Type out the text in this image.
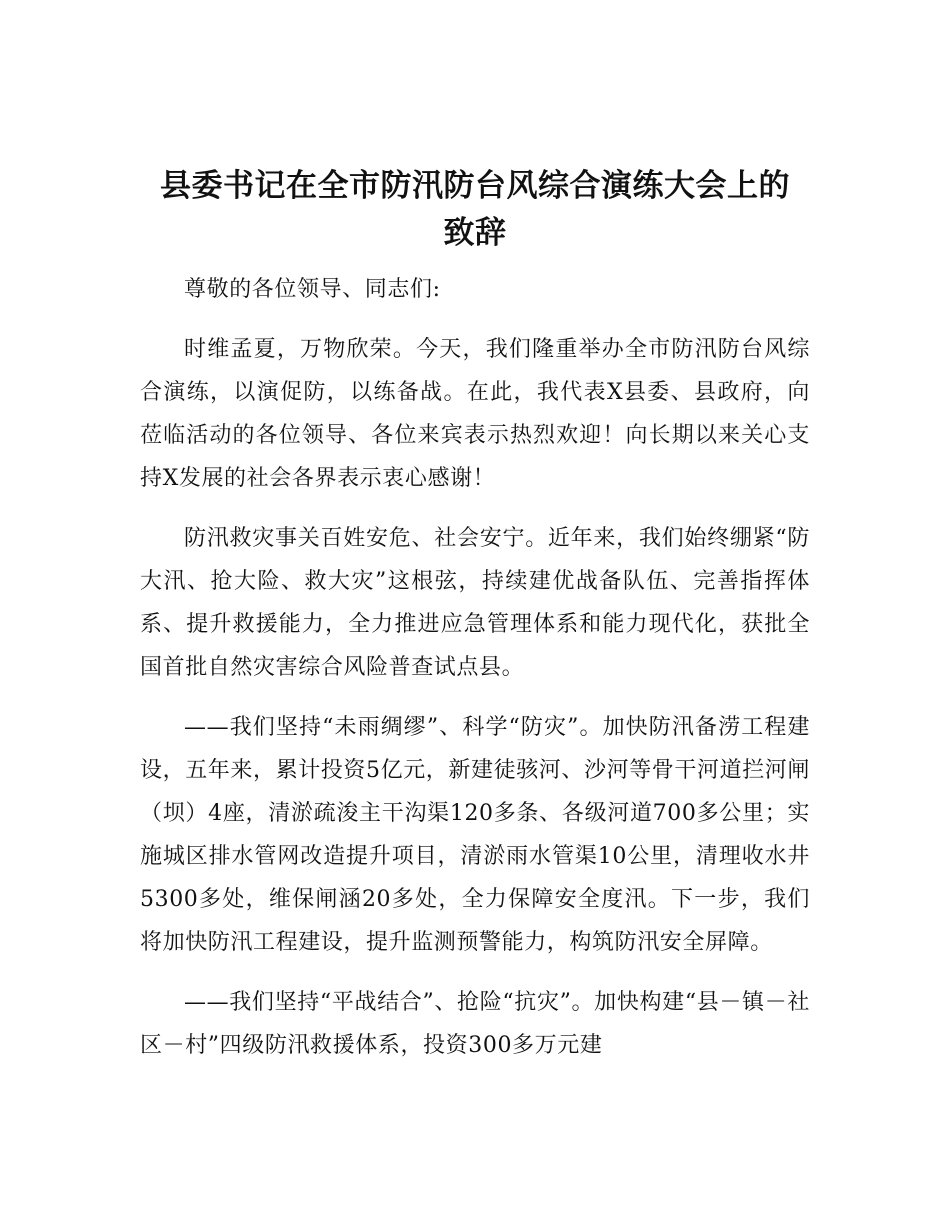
县委书记在全市防汛防台风综合演练大会上的
致辞

尊敬的各位领导、同志们:

时维孟夏，万物欣荣。今天，我们隆重举办全市防汛防台风综合演练，以演促防，以练备战。在此，我代表X县委、县政府，向莅临活动的各位领导、各位来宾表示热烈欢迎！向长期以来关心支持X发展的社会各界表示衷心感谢！

防汛救灾事关百姓安危、社会安宁。近年来，我们始终绷紧“防大汛、抢大险、救大灾”这根弦，持续建优战备队伍、完善指挥体系、提升救援能力，全力推进应急管理体系和能力现代化，获批全国首批自然灾害综合风险普查试点县。

——我们坚持“未雨绸缪”、科学“防灾”。加快防汛备涝工程建设，五年来，累计投资5亿元，新建徒骇河、沙河等骨干河道拦河闸（坝）4座，清淤疏浚主干沟渠120多条、各级河道700多公里；实施城区排水管网改造提升项目，清淤雨水管渠10公里，清理收水井5300多处，维保闸涵20多处，全力保障安全度汛。下一步，我们将加快防汛工程建设，提升监测预警能力，构筑防汛安全屏障。

——我们坚持“平战结合”、抢险“抗灾”。加快构建“县－镇－社区－村”四级防汛救援体系，投资300多万元建
